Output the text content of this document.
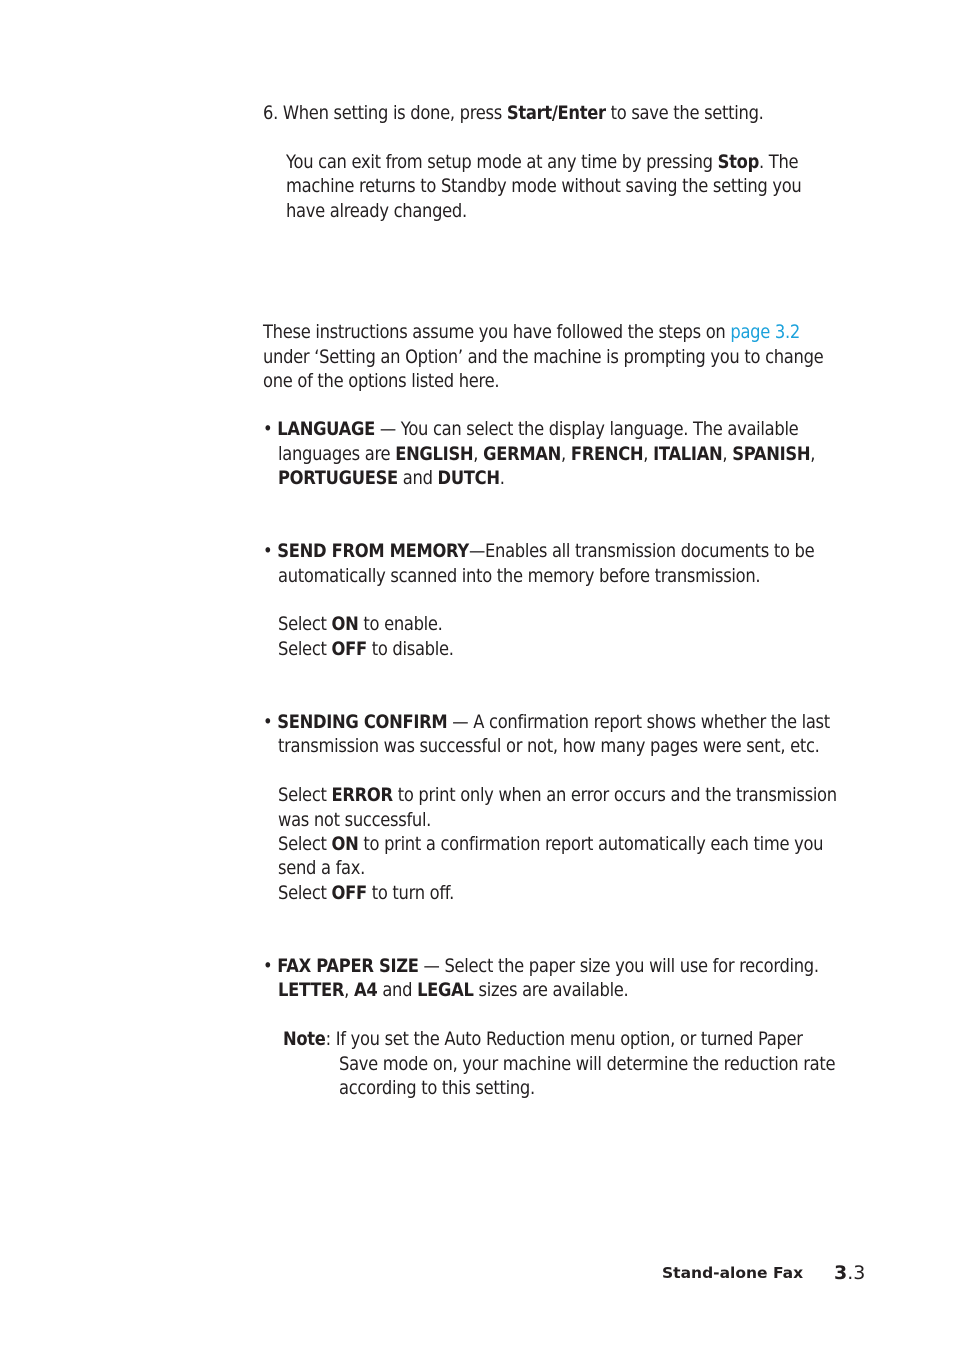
6. When setting is done, press Start/Enter to save the setting.
You can exit from setup mode at any time by pressing Stop. The
machine returns to Standby mode without saving the setting you
have already changed.
These instructions assume you have followed the steps on page 3.2
under ‘Setting an Option’ and the machine is prompting you to change
one of the options listed here.
• LANGUAGE — You can select the display language. The available
languages are ENGLISH, GERMAN, FRENCH, ITALIAN, SPANISH,
PORTUGUESE and DUTCH.
• SEND FROM MEMORY—Enables all transmission documents to be
automatically scanned into the memory before transmission.
Select ON to enable.
Select OFF to disable.
• SENDING CONFIRM — A confirmation report shows whether the last
transmission was successful or not, how many pages were sent, etc.
Select ERROR to print only when an error occurs and the transmission
was not successful.
Select ON to print a confirmation report automatically each time you
send a fax.
Select OFF to turn off.
• FAX PAPER SIZE — Select the paper size you will use for recording.
LETTER, A4 and LEGAL sizes are available.
Note: If you set the Auto Reduction menu option, or turned Paper
Save mode on, your machine will determine the reduction rate
according to this setting.
Stand-alone Fax 3.3
